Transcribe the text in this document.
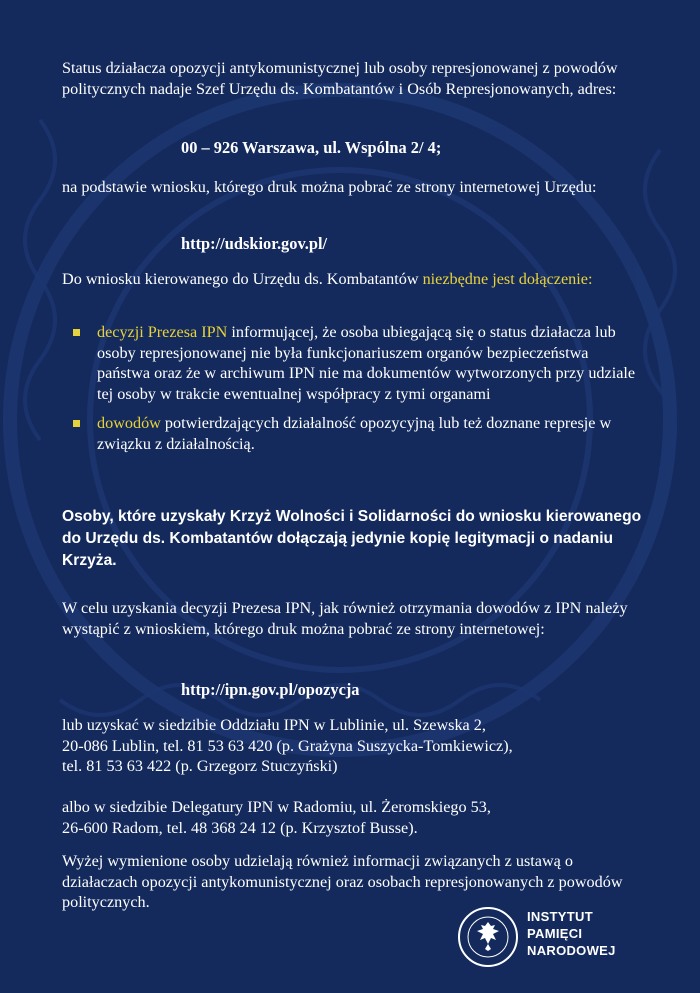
Status działacza opozycji antykomunistycznej lub osoby represjonowanej z powodów politycznych nadaje Szef Urzędu ds. Kombatantów i Osób Represjonowanych, adres:

00 – 926 Warszawa, ul. Wspólna 2/ 4;

na podstawie wniosku, którego druk można pobrać ze strony internetowej Urzędu:

http://udskior.gov.pl/

Do wniosku kierowanego do Urzędu ds. Kombatantów niezbędne jest dołączenie:

decyzji Prezesa IPN informującej, że osoba ubiegającą się o status działacza lub osoby represjonowanej nie była funkcjonariuszem organów bezpieczeństwa państwa oraz że w archiwum IPN nie ma dokumentów wytworzonych przy udziale tej osoby w trakcie ewentualnej współpracy z tymi organami
dowodów potwierdzających działalność opozycyjną lub też doznane represje w związku z działalnością.

Osoby, które uzyskały Krzyż Wolności i Solidarności do wniosku kierowanego do Urzędu ds. Kombatantów dołączają jedynie kopię legitymacji o nadaniu Krzyża.

W celu uzyskania decyzji Prezesa IPN, jak również otrzymania dowodów z IPN należy wystąpić z wnioskiem, którego druk można pobrać ze strony internetowej:

http://ipn.gov.pl/opozycja

lub uzyskać w siedzibie Oddziału IPN w Lublinie, ul. Szewska 2,
20-086 Lublin, tel. 81 53 63 420 (p. Grażyna Suszycka-Tomkiewicz),
tel. 81 53 63 422 (p. Grzegorz Stuczyński)
albo w siedzibie Delegatury IPN w Radomiu, ul. Żeromskiego 53,
26-600 Radom, tel. 48 368 24 12 (p. Krzysztof Busse).

Wyżej wymienione osoby udzielają również informacji związanych z ustawą o działaczach opozycji antykomunistycznej oraz osobach represjonowanych z powodów politycznych.

INSTYTUT
PAMIĘCI
NARODOWEJ
